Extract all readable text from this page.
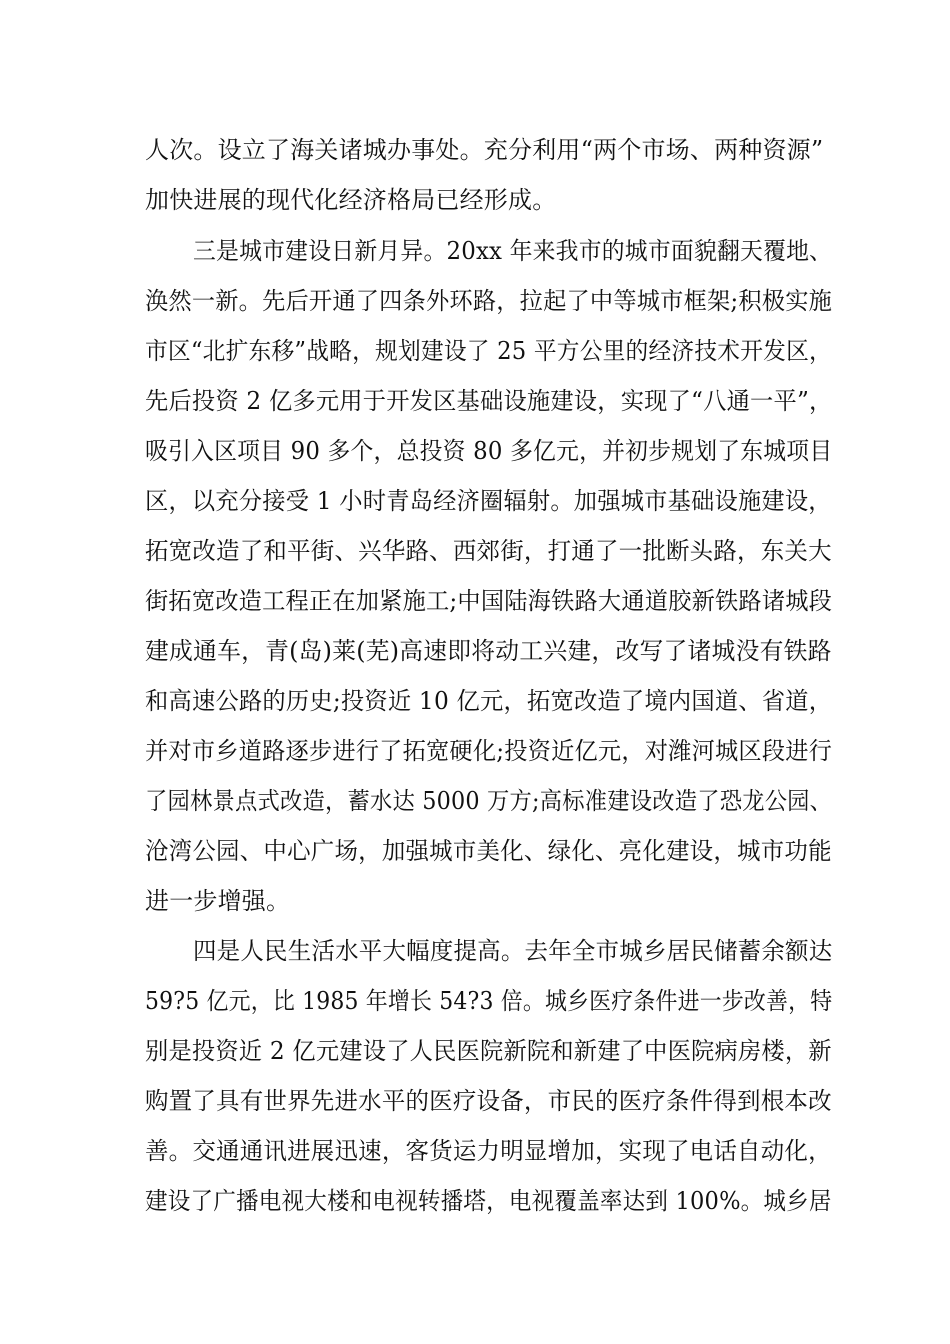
人次。设立了海关诸城办事处。充分利用“两个市场、两种资源”
加快进展的现代化经济格局已经形成。
三是城市建设日新月异。20xx 年来我市的城市面貌翻天覆地、
涣然一新。先后开通了四条外环路，拉起了中等城市框架;积极实施
市区“北扩东移”战略，规划建设了 25 平方公里的经济技术开发区，
先后投资 2 亿多元用于开发区基础设施建设，实现了“八通一平”，
吸引入区项目 90 多个，总投资 80 多亿元，并初步规划了东城项目
区，以充分接受 1 小时青岛经济圈辐射。加强城市基础设施建设，
拓宽改造了和平街、兴华路、西郊街，打通了一批断头路，东关大
街拓宽改造工程正在加紧施工;中国陆海铁路大通道胶新铁路诸城段
建成通车，青(岛)莱(芜)高速即将动工兴建，改写了诸城没有铁路
和高速公路的历史;投资近 10 亿元，拓宽改造了境内国道、省道，
并对市乡道路逐步进行了拓宽硬化;投资近亿元，对潍河城区段进行
了园林景点式改造，蓄水达 5000 万方;高标准建设改造了恐龙公园、
沧湾公园、中心广场，加强城市美化、绿化、亮化建设，城市功能
进一步增强。
四是人民生活水平大幅度提高。去年全市城乡居民储蓄余额达
59?5 亿元，比 1985 年增长 54?3 倍。城乡医疗条件进一步改善，特
别是投资近 2 亿元建设了人民医院新院和新建了中医院病房楼，新
购置了具有世界先进水平的医疗设备，市民的医疗条件得到根本改
善。交通通讯进展迅速，客货运力明显增加，实现了电话自动化，
建设了广播电视大楼和电视转播塔，电视覆盖率达到 100%。城乡居
